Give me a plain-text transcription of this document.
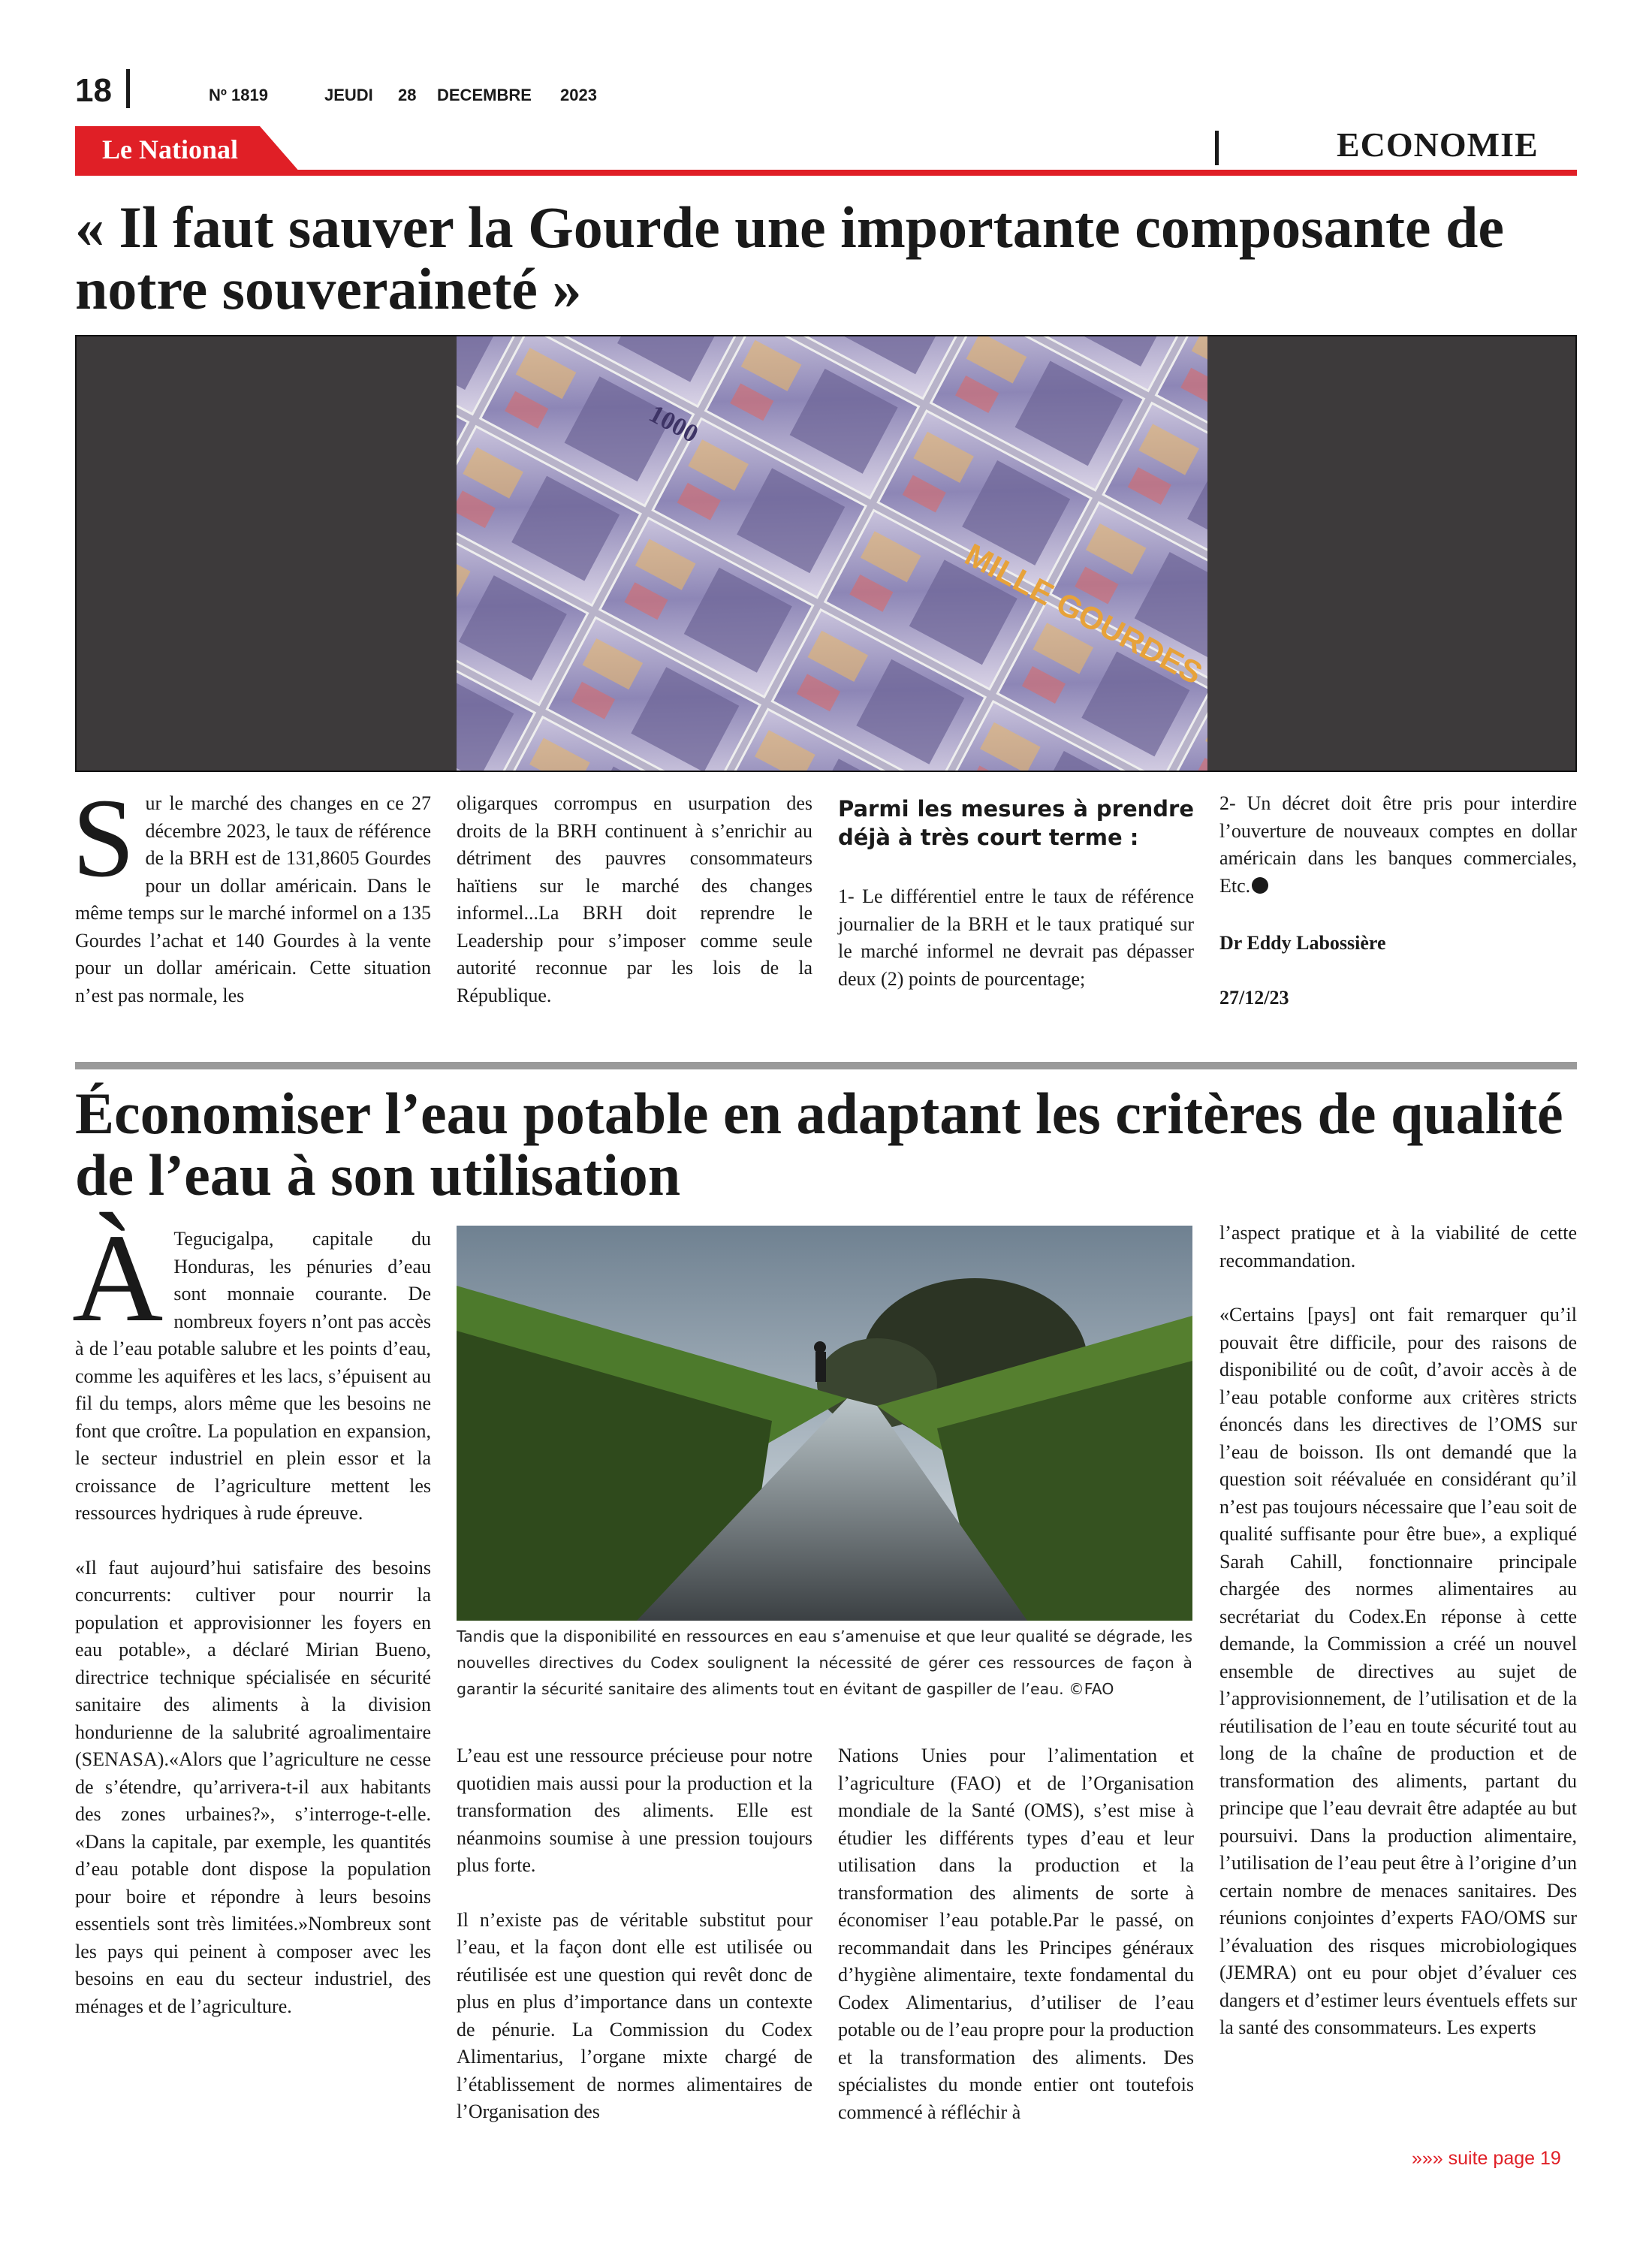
18	Nº 1819	JEUDI 28 DECEMBRE 2023
Le National	ECONOMIE
« Il faut sauver la Gourde une importante composante de notre souveraineté »
1000
MILLE GOURDES
S ur le marché des changes en ce 27 décembre 2023, le taux de référence de la BRH est de 131,8605 Gourdes pour un dollar américain. Dans le même temps sur le marché informel on a 135 Gourdes l’achat et 140 Gourdes à la vente pour un dollar américain. Cette situation n’est pas normale, les
oligarques corrompus en usurpation des droits de la BRH continuent à s’enrichir au détriment des pauvres consommateurs haïtiens sur le marché des changes informel...La BRH doit reprendre le Leadership pour s’imposer comme seule autorité reconnue par les lois de la République.
Parmi les mesures à prendre déjà à très court terme :

1- Le différentiel entre le taux de référence journalier de la BRH et le taux pratiqué sur le marché informel ne devrait pas dépasser deux (2) points de pourcentage;

2- Un décret doit être pris pour interdire l’ouverture de nouveaux comptes en dollar américain dans les banques commerciales, Etc.

Dr Eddy Labossière

27/12/23

Économiser l’eau potable en adaptant les critères de qualité de l’eau à son utilisation
Tandis que la disponibilité en ressources en eau s’amenuise et que leur qualité se dégrade, les nouvelles directives du Codex soulignent la nécessité de gérer ces ressources de façon à garantir la sécurité sanitaire des aliments tout en évitant de gaspiller de l’eau. ©FAO

À Tegucigalpa, capitale du Honduras, les pénuries d’eau sont monnaie courante. De nombreux foyers n’ont pas accès à de l’eau potable salubre et les points d’eau, comme les aquifères et les lacs, s’épuisent au fil du temps, alors même que les besoins ne font que croître. La population en expansion, le secteur industriel en plein essor et la croissance de l’agriculture mettent les ressources hydriques à rude épreuve.

«Il faut aujourd’hui satisfaire des besoins concurrents: cultiver pour nourrir la population et approvisionner les foyers en eau potable», a déclaré Mirian Bueno, directrice technique spécialisée en sécurité sanitaire des aliments à la division hondurienne de la salubrité agroalimentaire (SENASA).«Alors que l’agriculture ne cesse de s’étendre, qu’arrivera-t-il aux habitants des zones urbaines?», s’interroge-t-elle. «Dans la capitale, par exemple, les quantités d’eau potable dont dispose la population pour boire et répondre à leurs besoins essentiels sont très limitées.»Nombreux sont les pays qui peinent à composer avec les besoins en eau du secteur industriel, des ménages et de l’agriculture.

L’eau est une ressource précieuse pour notre quotidien mais aussi pour la production et la transformation des aliments. Elle est néanmoins soumise à une pression toujours plus forte.

Il n’existe pas de véritable substitut pour l’eau, et la façon dont elle est utilisée ou réutilisée est une question qui revêt donc de plus en plus d’importance dans un contexte de pénurie. La Commission du Codex Alimentarius, l’organe mixte chargé de l’établissement de normes alimentaires de l’Organisation des

Nations Unies pour l’alimentation et l’agriculture (FAO) et de l’Organisation mondiale de la Santé (OMS), s’est mise à étudier les différents types d’eau et leur utilisation dans la production et la transformation des aliments de sorte à économiser l’eau potable.Par le passé, on recommandait dans les Principes généraux d’hygiène alimentaire, texte fondamental du Codex Alimentarius, d’utiliser de l’eau potable ou de l’eau propre pour la production et la transformation des aliments. Des spécialistes du monde entier ont toutefois commencé à réfléchir à

l’aspect pratique et à la viabilité de cette recommandation.

«Certains [pays] ont fait remarquer qu’il pouvait être difficile, pour des raisons de disponibilité ou de coût, d’avoir accès à de l’eau potable conforme aux critères stricts énoncés dans les directives de l’OMS sur l’eau de boisson. Ils ont demandé que la question soit réévaluée en considérant qu’il n’est pas toujours nécessaire que l’eau soit de qualité suffisante pour être bue», a expliqué Sarah Cahill, fonctionnaire principale chargée des normes alimentaires au secrétariat du Codex.En réponse à cette demande, la Commission a créé un nouvel ensemble de directives au sujet de l’approvisionnement, de l’utilisation et de la réutilisation de l’eau en toute sécurité tout au long de la chaîne de production et de transformation des aliments, partant du principe que l’eau devrait être adaptée au but poursuivi. Dans la production alimentaire, l’utilisation de l’eau peut être à l’origine d’un certain nombre de menaces sanitaires. Des réunions conjointes d’experts FAO/OMS sur l’évaluation des risques microbiologiques (JEMRA) ont eu pour objet d’évaluer ces dangers et d’estimer leurs éventuels effets sur la santé des consommateurs. Les experts

»»» suite page 19
